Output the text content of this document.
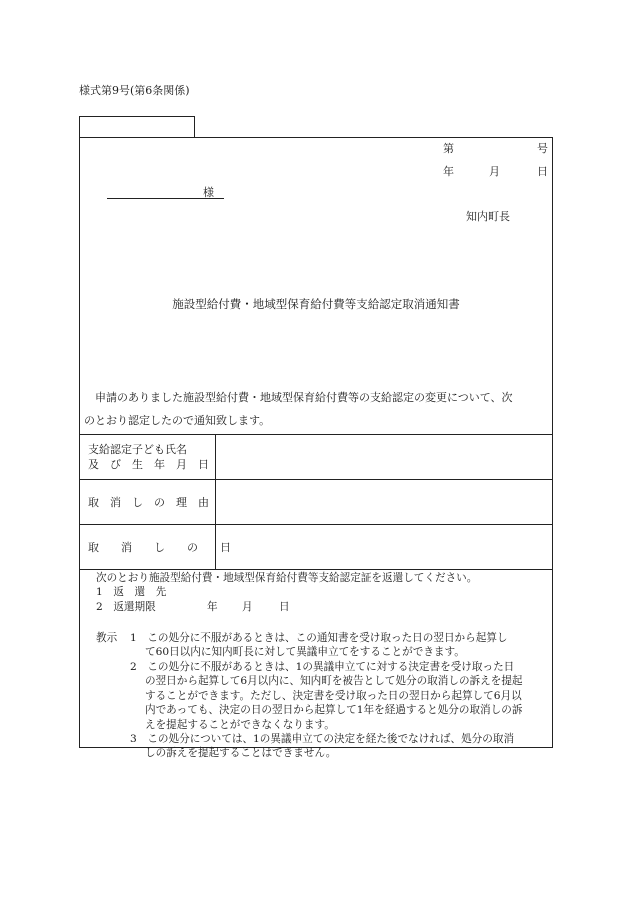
様式第9号(第6条関係)
第	号
年	月	日
様
知内町長
施設型給付費・地域型保育給付費等支給認定取消通知書

申請のありました施設型給付費・地域型保育給付費等の支給認定の変更について、次

のとおり認定したので通知致します。

支給認定子ども氏名
及　び　生　年　月　日
取　消　し　の　理　由
取　　消　　し　　の　　日
次のとおり施設型給付費・地域型保育給付費等支給認定証を返還してください。
1　返　還　先
2　返還期限	年 月 日
教示 1　この処分に不服があるときは、この通知書を受け取った日の翌日から起算し
て60日以内に知内町長に対して異議申立てをすることができます。
2　この処分に不服があるときは、1の異議申立てに対する決定書を受け取った日
の翌日から起算して6月以内に、知内町を被告として処分の取消しの訴えを提起
することができます。ただし、決定書を受け取った日の翌日から起算して6月以
内であっても、決定の日の翌日から起算して1年を経過すると処分の取消しの訴
えを提起することができなくなります。
3　この処分については、1の異議申立ての決定を経た後でなければ、処分の取消
しの訴えを提起することはできません。
